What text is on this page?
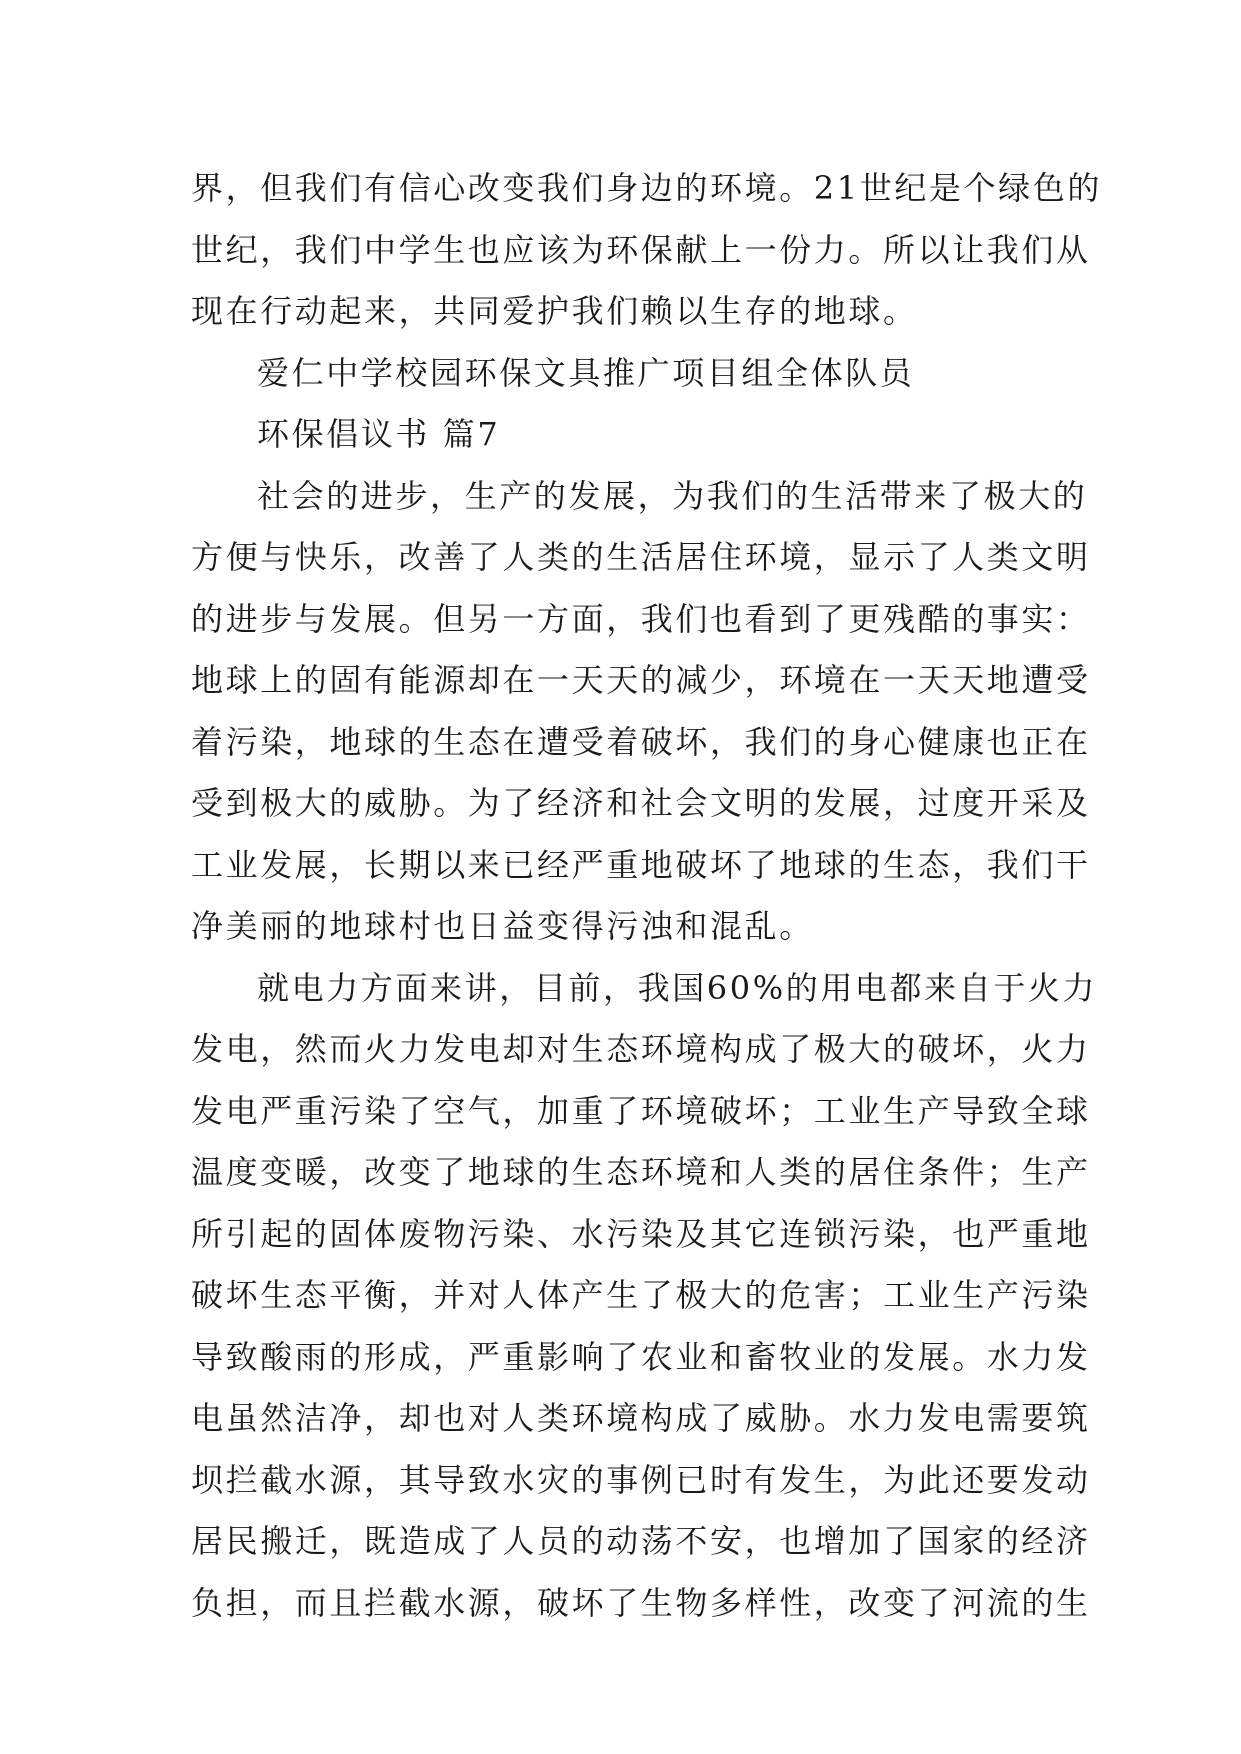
界，但我们有信心改变我们身边的环境。21世纪是个绿色的
世纪，我们中学生也应该为环保献上一份力。所以让我们从
现在行动起来，共同爱护我们赖以生存的地球。
爱仁中学校园环保文具推广项目组全体队员
环保倡议书 篇7
社会的进步，生产的发展，为我们的生活带来了极大的
方便与快乐，改善了人类的生活居住环境，显示了人类文明
的进步与发展。但另一方面，我们也看到了更残酷的事实：
地球上的固有能源却在一天天的减少，环境在一天天地遭受
着污染，地球的生态在遭受着破坏，我们的身心健康也正在
受到极大的威胁。为了经济和社会文明的发展，过度开采及
工业发展，长期以来已经严重地破坏了地球的生态，我们干
净美丽的地球村也日益变得污浊和混乱。
就电力方面来讲，目前，我国60%的用电都来自于火力
发电，然而火力发电却对生态环境构成了极大的破坏，火力
发电严重污染了空气，加重了环境破坏；工业生产导致全球
温度变暖，改变了地球的生态环境和人类的居住条件；生产
所引起的固体废物污染、水污染及其它连锁污染，也严重地
破坏生态平衡，并对人体产生了极大的危害；工业生产污染
导致酸雨的形成，严重影响了农业和畜牧业的发展。水力发
电虽然洁净，却也对人类环境构成了威胁。水力发电需要筑
坝拦截水源，其导致水灾的事例已时有发生，为此还要发动
居民搬迁，既造成了人员的动荡不安，也增加了国家的经济
负担，而且拦截水源，破坏了生物多样性，改变了河流的生
